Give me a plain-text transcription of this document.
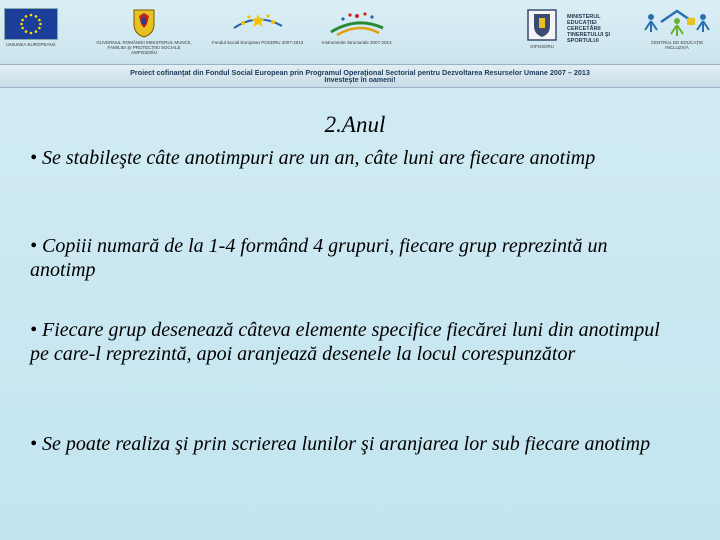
UNIUNEA EUROPEANĂ	GUVERNUL ROMÂNIEI MINISTERUL MUNCII, FAMILIEI ŞI PROTECŢIEI SOCIALE AMPOSDRU
Fondul Social European POSDRU 2007-2013	Instrumente Structurale 2007-2013
OIPOSDRU
MINISTERUL EDUCAŢIEI CERCETĂRII TINERETULUI ŞI SPORTULUI	CENTRUL DE EDUCAŢIE INCLUZIVĂ
Proiect cofinanţat din Fondul Social European prin Programul Operaţional Sectorial pentru Dezvoltarea Resurselor Umane 2007 – 2013
Investeşte în oameni!
2.Anul
• Se stabileşte câte anotimpuri are un an, câte luni are fiecare anotimp
• Copiii numară de la 1-4 formând 4 grupuri, fiecare grup reprezintă un anotimp
• Fiecare grup desenează câteva elemente specifice fiecărei luni din anotimpul pe care-l reprezintă, apoi aranjează desenele la locul corespunzător
• Se poate realiza şi prin scrierea lunilor şi aranjarea lor sub fiecare anotimp
